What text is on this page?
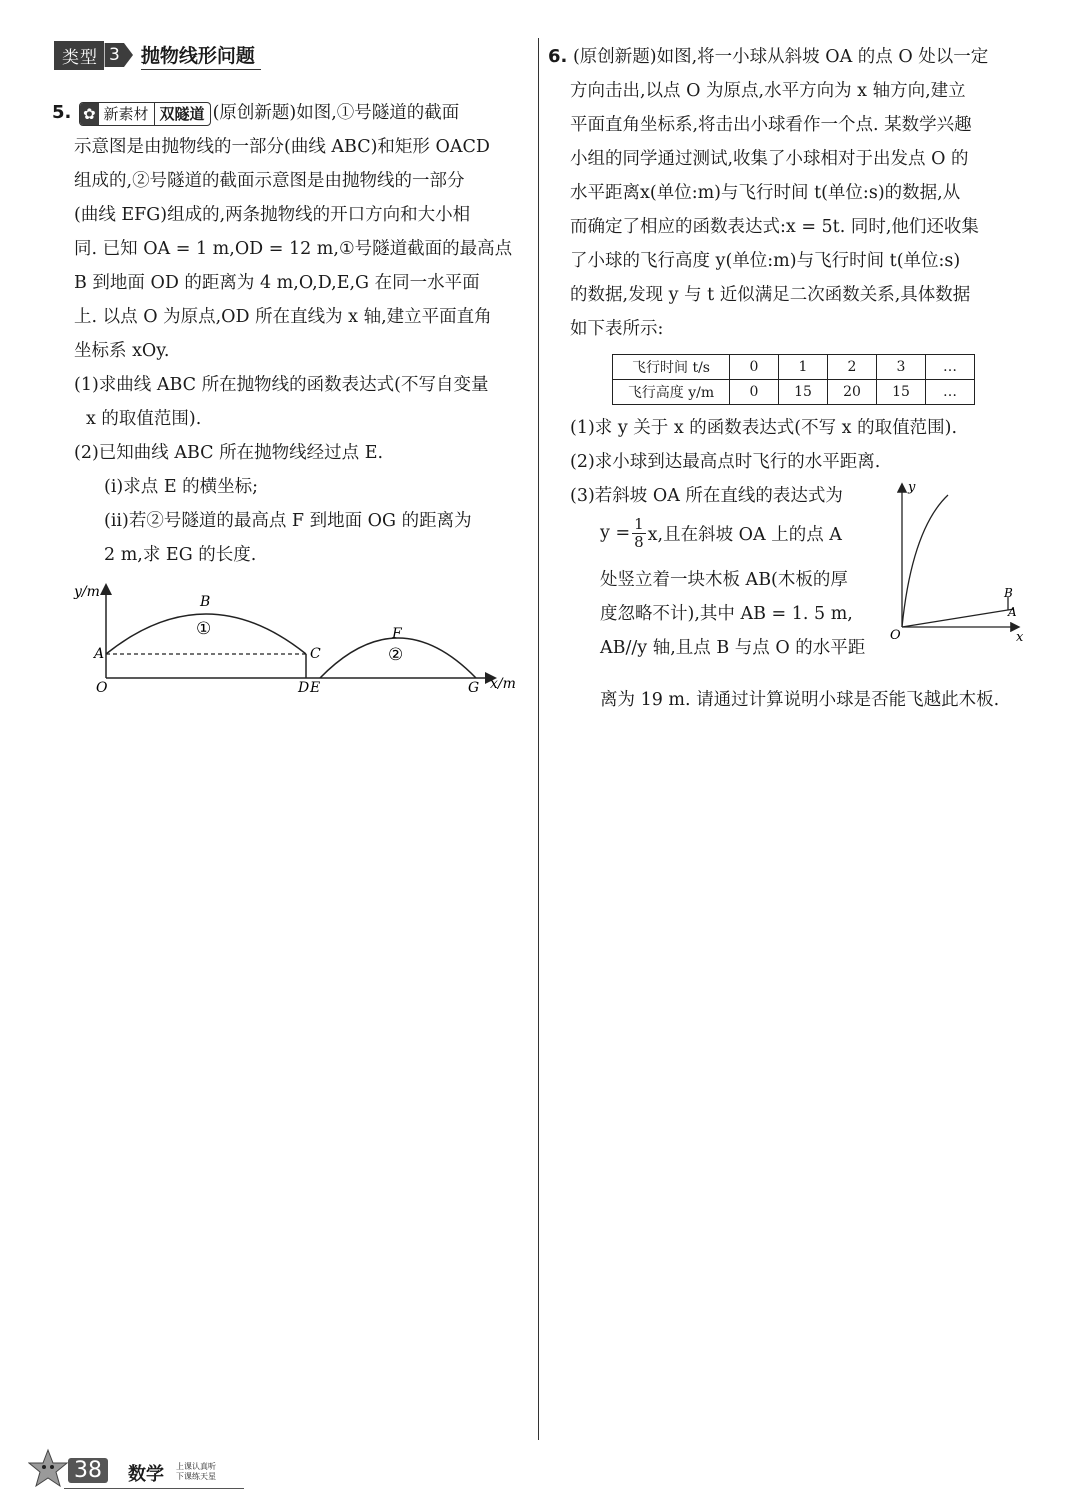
类型 3 抛物线形问题

5. ✿ 新素材 双隧道 (原创新题)如图,①号隧道的截面

示意图是由抛物线的一部分(曲线 ABC)和矩形 OACD

组成的,②号隧道的截面示意图是由抛物线的一部分

(曲线 EFG)组成的,两条抛物线的开口方向和大小相

同. 已知 OA = 1 m,OD = 12 m,①号隧道截面的最高点

B 到地面 OD 的距离为 4 m,O,D,E,G 在同一水平面

上. 以点 O 为原点,OD 所在直线为 x 轴,建立平面直角

坐标系 xOy.

(1)求曲线 ABC 所在抛物线的函数表达式(不写自变量

x 的取值范围).

(2)已知曲线 ABC 所在抛物线经过点 E.

(i)求点 E 的横坐标;

(ii)若②号隧道的最高点 F 到地面 OG 的距离为

2 m,求 EG 的长度.

y/m
x/m
B
A	C
O	D E
F
G
①
②

6. (原创新题)如图,将一小球从斜坡 OA 的点 O 处以一定

方向击出,以点 O 为原点,水平方向为 x 轴方向,建立

平面直角坐标系,将击出小球看作一个点. 某数学兴趣

小组的同学通过测试,收集了小球相对于出发点 O 的

水平距离x(单位:m)与飞行时间 t(单位:s)的数据,从

而确定了相应的函数表达式:x = 5t. 同时,他们还收集

了小球的飞行高度 y(单位:m)与飞行时间 t(单位:s)

的数据,发现 y 与 t 近似满足二次函数关系,具体数据

如下表所示:

飞行时间 t/s	0	1	2	3	…
飞行高度 y/m	0	15	20	15	…

(1)求 y 关于 x 的函数表达式(不写 x 的取值范围).

(2)求小球到达最高点时飞行的水平距离.

(3)若斜坡 OA 所在直线的表达式为

$y = \frac{1}{8} x$,且在斜坡 OA 上的点 A

处竖立着一块木板 AB(木板的厚

度忽略不计),其中 AB = 1. 5 m,

AB//y 轴,且点 B 与点 O 的水平距

y
x
O
A
B

离为 19 m. 请通过计算说明小球是否能飞越此木板.

38	数学 上课认真听
下课练天星
